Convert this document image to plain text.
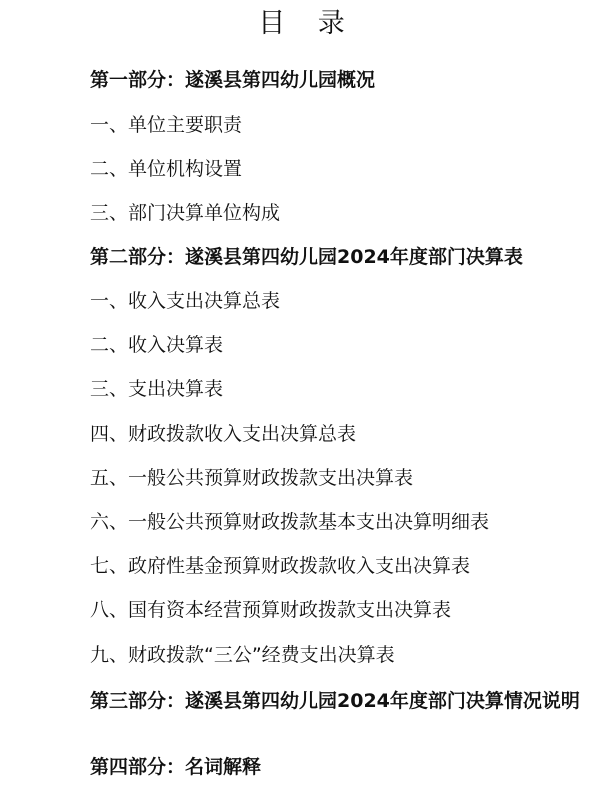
目 录
第一部分：遂溪县第四幼儿园概况
一、单位主要职责
二、单位机构设置
三、部门决算单位构成
第二部分：遂溪县第四幼儿园2024年度部门决算表
一、收入支出决算总表
二、收入决算表
三、支出决算表
四、财政拨款收入支出决算总表
五、一般公共预算财政拨款支出决算表
六、一般公共预算财政拨款基本支出决算明细表
七、政府性基金预算财政拨款收入支出决算表
八、国有资本经营预算财政拨款支出决算表
九、财政拨款“三公”经费支出决算表
第三部分：遂溪县第四幼儿园2024年度部门决算情况说明
第四部分：名词解释
